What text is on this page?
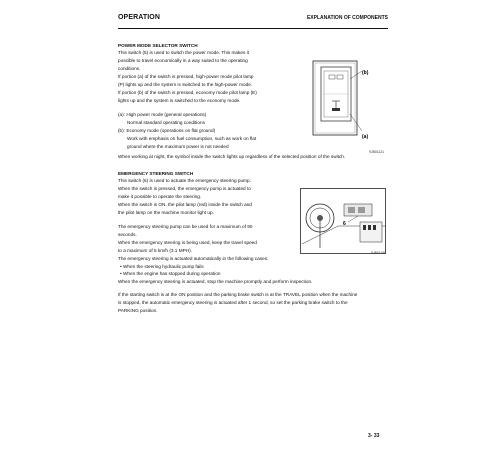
OPERATION	EXPLANATION OF COMPONENTS
POWER MODE SELECTOR SWITCH
This switch (5) is used to switch the power mode. This makes it
possible to travel economically in a way suited to the operating
conditions.
If portion (a) of the switch is pressed, high-power mode pilot lamp
(P) lights up and the system is switched to the high-power mode.
If portion (b) of the switch is pressed, economy mode pilot lamp (E)
lights up and the system is switched to the economy mode.
(a): High power mode (general operations)
Normal standard operating conditions
(b): Economy mode (operations on flat ground)
Work with emphasis on fuel consumption, such as work on flat
ground where the maximum power is not needed
(b)
(a)
9JB01121
When working at night, the symbol inside the switch lights up regardless of the selected position of the switch.
EMERGENCY STEERING SWITCH
This switch (6) is used to actuate the emergency steering pump.
When the switch is pressed, the emergency pump is actuated to
make it possible to operate the steering.
When the switch is ON, the pilot lamp (red) inside the switch and
the pilot lamp on the machine monitor light up.
6
9JB01150
The emergency steering pump can be used for a maximum of 90
seconds.
When the emergency steering is being used, keep the travel speed
to a maximum of 5 km/h (3.1 MPH).
The emergency steering is actuated automatically in the following cases.
• When the steering hydraulic pump fails
• When the engine has stopped during operation
When the emergency steering is actuated, stop the machine promptly and perform inspection.
If the starting switch is at the ON position and the parking brake switch is at the TRAVEL position when the machine
is stopped, the automatic emergency steering is actuated after 1 second, so set the parking brake switch to the
PARKING position.
3- 33
